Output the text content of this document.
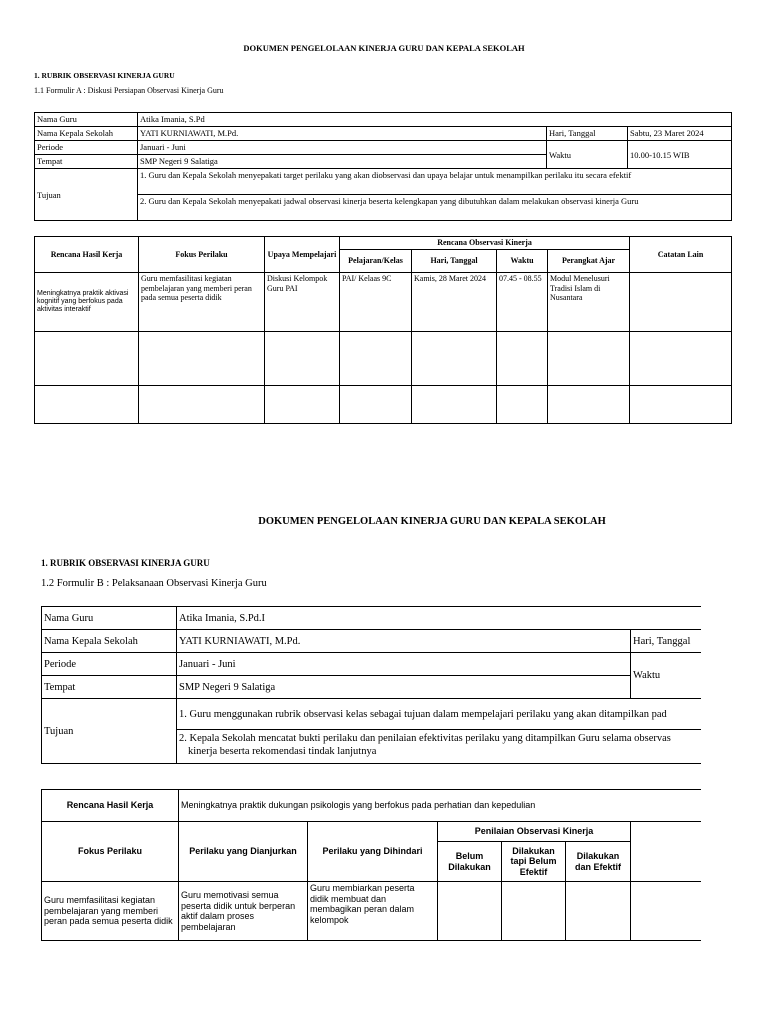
DOKUMEN PENGELOLAAN KINERJA GURU DAN KEPALA SEKOLAH
1. RUBRIK OBSERVASI KINERJA GURU
1.1 Formulir A : Diskusi Persiapan Observasi Kinerja Guru
Nama Guru	Atika Imania, S.Pd		
Nama Kepala Sekolah	YATI KURNIAWATI, M.Pd.	Hari, Tanggal	Sabtu, 23 Maret 2024
Periode	Januari - Juni	Waktu	10.00-10.15 WIB
Tempat	SMP Negeri 9 Salatiga		
Tujuan	1. Guru dan Kepala Sekolah menyepakati target perilaku yang akan diobservasi dan upaya belajar untuk menampilkan perilaku itu secara efektif		
	2. Guru dan Kepala Sekolah menyepakati jadwal observasi kinerja beserta kelengkapan yang dibutuhkan dalam melakukan observasi kinerja Guru		
Rencana Hasil Kerja	Fokus Perilaku	Upaya Mempelajari	Rencana Observasi Kinerja				Catatan Lain
			Pelajaran/Kelas	Hari, Tanggal	Waktu	Perangkat Ajar	
Meningkatnya praktik aktivasi kognitif yang berfokus pada aktivitas interaktif	Guru memfasilitasi kegiatan pembelajaran yang memberi peran pada semua peserta didik	Diskusi Kelompok Guru PAI	PAI/ Kelaas 9C	Kamis, 28 Maret 2024	07.45 - 08.55	Modul Menelusuri Tradisi Islam di Nusantara	

DOKUMEN PENGELOLAAN KINERJA GURU DAN KEPALA SEKOLAH
1. RUBRIK OBSERVASI KINERJA GURU
1.2 Formulir B : Pelaksanaan Observasi Kinerja Guru
Nama Guru	Atika Imania, S.Pd.I	
Nama Kepala Sekolah	YATI KURNIAWATI, M.Pd.	Hari, Tanggal
Periode	Januari - Juni	Waktu
Tempat	SMP Negeri 9 Salatiga	
Tujuan	1. Guru menggunakan rubrik observasi kelas sebagai tujuan dalam mempelajari perilaku yang akan ditampilkan pad	

	2. Kepala Sekolah mencatat bukti perilaku dan penilaian efektivitas perilaku yang ditampilkan Guru selama observas
kinerja beserta rekomendasi tindak lanjutnya	
Rencana Hasil Kerja	Meningkatnya praktik dukungan psikologis yang berfokus pada perhatian dan kepedulian					
Fokus Perilaku	Perilaku yang Dianjurkan	Perilaku yang Dihindari	Penilaian Observasi Kinerja			
			Belum Dilakukan	Dilakukan tapi Belum Efektif	Dilakukan dan Efektif	
Guru memfasilitasi kegiatan pembelajaran yang memberi peran pada semua peserta didik	Guru memotivasi semua peserta didik untuk berperan aktif dalam proses pembelajaran	Guru membiarkan peserta didik membuat dan membagikan peran dalam kelompok				
